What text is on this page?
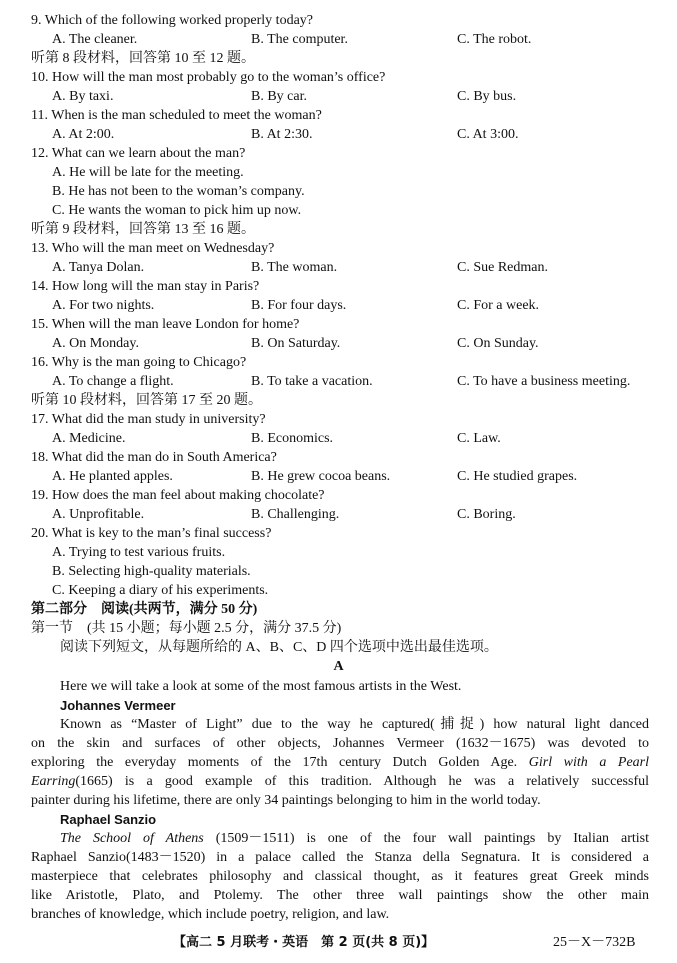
9. Which of the following worked properly today?
A. The cleaner.	B. The computer.	C. The robot.
听第 8 段材料，回答第 10 至 12 题。
10. How will the man most probably go to the woman’s office?
A. By taxi.	B. By car.	C. By bus.
11. When is the man scheduled to meet the woman?
A. At 2:00.	B. At 2:30.	C. At 3:00.
12. What can we learn about the man?
A. He will be late for the meeting.
B. He has not been to the woman’s company.
C. He wants the woman to pick him up now.
听第 9 段材料，回答第 13 至 16 题。
13. Who will the man meet on Wednesday?
A. Tanya Dolan.	B. The woman.	C. Sue Redman.
14. How long will the man stay in Paris?
A. For two nights.	B. For four days.	C. For a week.
15. When will the man leave London for home?
A. On Monday.	B. On Saturday.	C. On Sunday.
16. Why is the man going to Chicago?
A. To change a flight.	B. To take a vacation.	C. To have a business meeting.
听第 10 段材料，回答第 17 至 20 题。
17. What did the man study in university?
A. Medicine.	B. Economics.	C. Law.
18. What did the man do in South America?
A. He planted apples.	B. He grew cocoa beans.	C. He studied grapes.
19. How does the man feel about making chocolate?
A. Unprofitable.	B. Challenging.	C. Boring.
20. What is key to the man’s final success?
A. Trying to test various fruits.
B. Selecting high-quality materials.
C. Keeping a diary of his experiments.
第二部分　阅读(共两节，满分 50 分)
第一节　(共 15 小题；每小题 2.5 分，满分 37.5 分)
阅读下列短文，从每题所给的 A、B、C、D 四个选项中选出最佳选项。
A
Here we will take a look at some of the most famous artists in the West.
Johannes Vermeer
Known as “Master of Light” due to the way he captured(捕捉) how natural light danced
on the skin and surfaces of other objects, Johannes Vermeer (1632－1675) was devoted to
exploring the everyday moments of the 17th century Dutch Golden Age. Girl with a Pearl
Earring(1665) is a good example of this tradition. Although he was a relatively successful
painter during his lifetime, there are only 34 paintings belonging to him in the world today.
Raphael Sanzio
The School of Athens (1509－1511) is one of the four wall paintings by Italian artist
Raphael Sanzio(1483－1520) in a palace called the Stanza della Segnatura. It is considered a
masterpiece that celebrates philosophy and classical thought, as it features great Greek minds
like Aristotle, Plato, and Ptolemy. The other three wall paintings show the other main
branches of knowledge, which include poetry, religion, and law.
【高二 5 月联考・英语　第 2 页(共 8 页)】	25－X－732B
